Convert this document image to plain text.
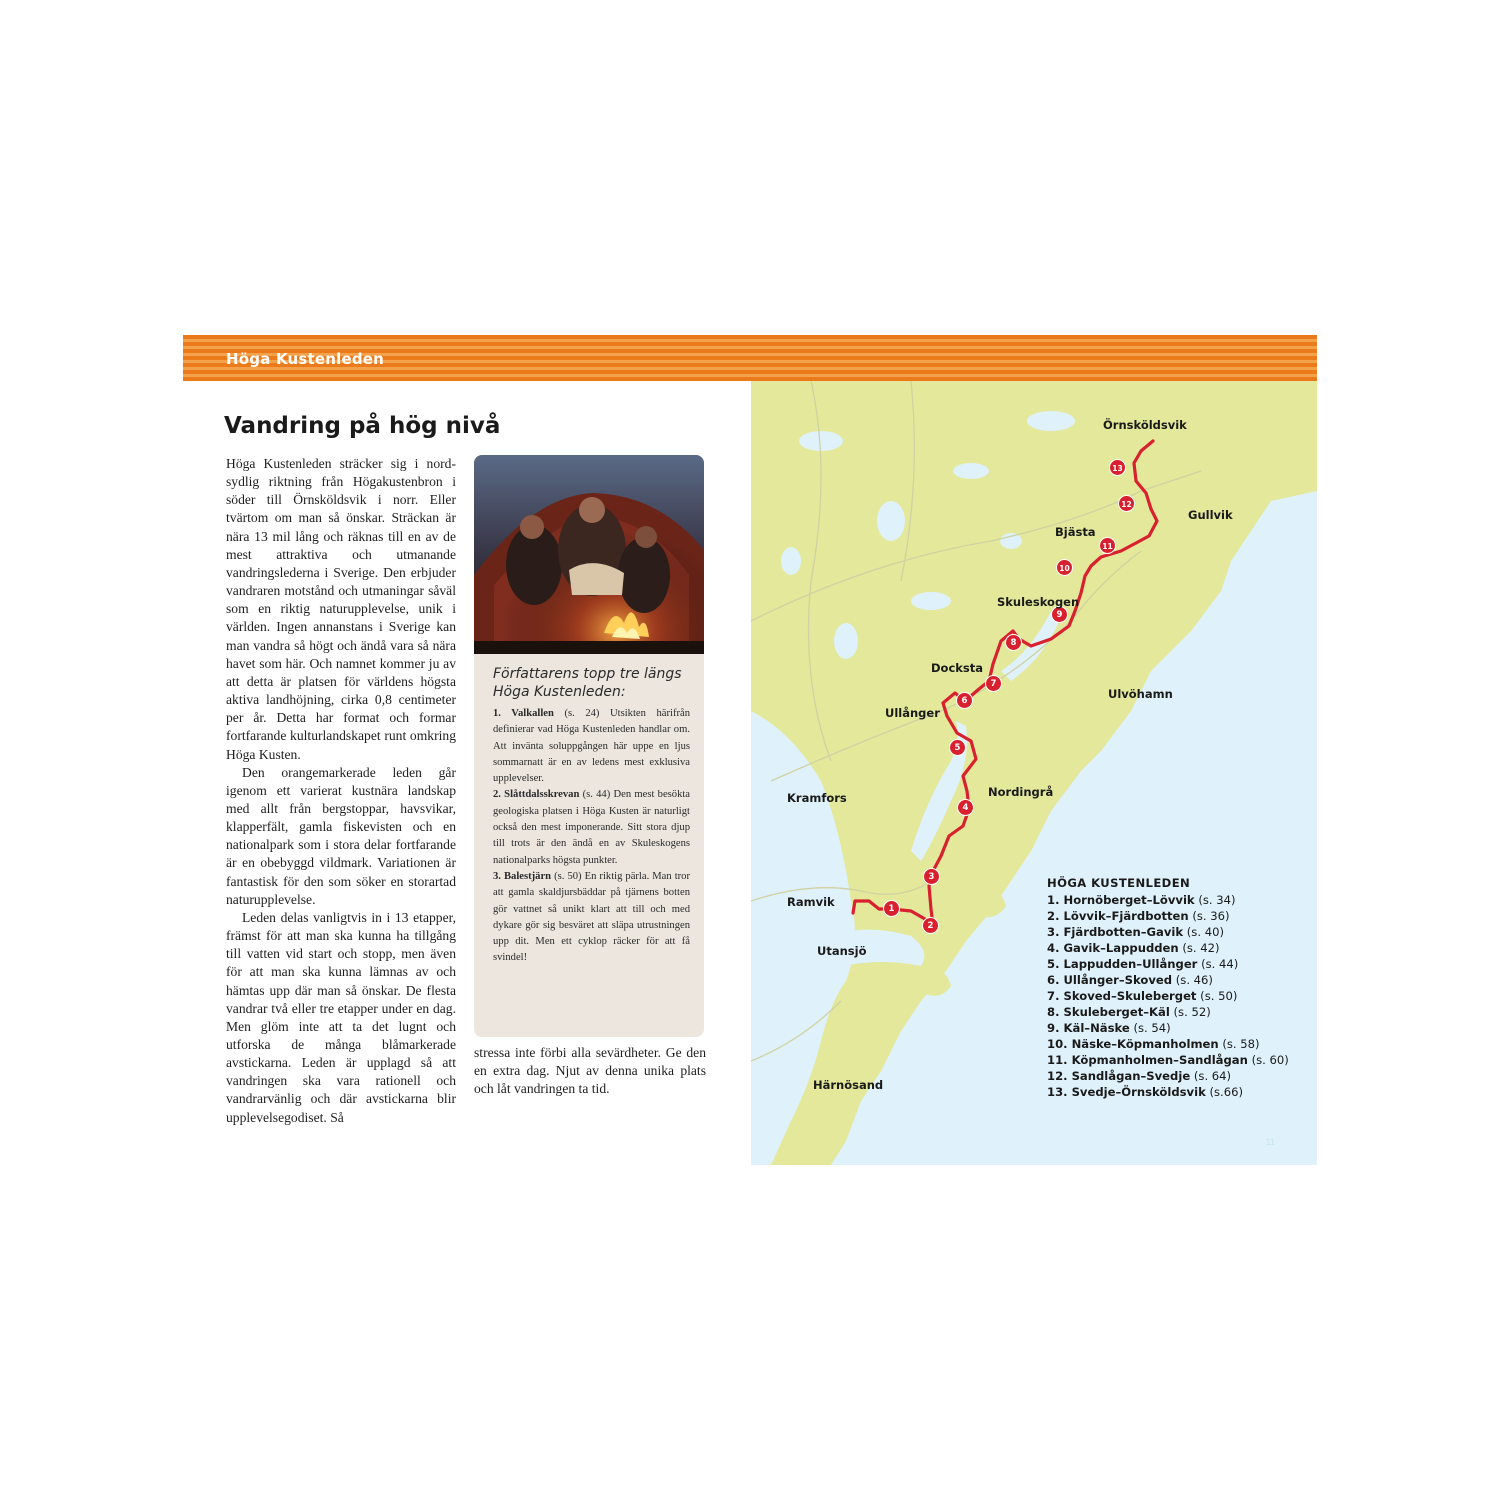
Höga Kustenleden
Vandring på hög nivå

Höga Kustenleden sträcker sig i nord-sydlig riktning från Högakustenbron i söder till Örnsköldsvik i norr. Eller tvärtom om man så önskar. Sträckan är nära 13 mil lång och räknas till en av de mest attraktiva och utmanande vandringslederna i Sverige. Den erbjuder vandraren motstånd och utmaningar såväl som en riktig naturupplevelse, unik i världen. Ingen annanstans i Sverige kan man vandra så högt och ändå vara så nära havet som här. Och namnet kommer ju av att detta är platsen för världens högsta aktiva landhöjning, cirka 0,8 centimeter per år. Detta har format och formar fortfarande kulturlandskapet runt omkring Höga Kusten.

Den orangemarkerade leden går igenom ett varierat kustnära landskap med allt från bergstoppar, havsvikar, klapperfält, gamla fiskevisten och en nationalpark som i stora delar fortfarande är en obebyggd vildmark. Variationen är fantastisk för den som söker en storartad naturupplevelse.

Leden delas vanligtvis in i 13 etapper, främst för att man ska kunna ha tillgång till vatten vid start och stopp, men även för att man ska kunna lämnas av och hämtas upp där man så önskar. De flesta vandrar två eller tre etapper under en dag. Men glöm inte att ta det lugnt och utforska de många blåmarkerade avstickarna. Leden är upplagd så att vandringen ska vara rationell och vandrarvänlig och där avstickarna blir upplevelsegodiset. Så

Författarens topp tre längs Höga Kustenleden:

1. Valkallen (s. 24) Utsikten härifrån definierar vad Höga Kustenleden handlar om. Att invänta soluppgången här uppe en ljus sommarnatt är en av ledens mest exklusiva upplevelser.

2. Slåttdalsskrevan (s. 44) Den mest besökta geologiska platsen i Höga Kusten är naturligt också den mest imponerande. Sitt stora djup till trots är den ändå en av Skuleskogens nationalparks högsta punkter.

3. Balestjärn (s. 50) En riktig pärla. Man tror att gamla skaldjursbäddar på tjärnens botten gör vattnet så unikt klart att till och med dykare gör sig besväret att släpa utrustningen upp dit. Men ett cyklop räcker för att få svindel!

stressa inte förbi alla sevärdheter. Ge den en extra dag. Njut av denna unika plats och låt vandringen ta tid.

1
2
3
4
5
6
7
8
9
10
11
12
13
Örnsköldsvik
Gullvik
Bjästa
Skuleskogen
Docksta
Ulvöhamn
Ullånger
Nordingrå
Kramfors
Ramvik
Utansjö
Härnösand
HÖGA KUSTENLEDEN
1. Hornöberget–Lövvik (s. 34)
2. Lövvik–Fjärdbotten (s. 36)
3. Fjärdbotten–Gavik (s. 40)
4. Gavik–Lappudden (s. 42)
5. Lappudden–Ullånger (s. 44)
6. Ullånger–Skoved (s. 46)
7. Skoved–Skuleberget (s. 50)
8. Skuleberget–Käl (s. 52)
9. Käl–Näske (s. 54)
10. Näske–Köpmanholmen (s. 58)
11. Köpmanholmen–Sandlågan (s. 60)
12. Sandlågan–Svedje (s. 64)
13. Svedje–Örnsköldsvik (s.66)
11
